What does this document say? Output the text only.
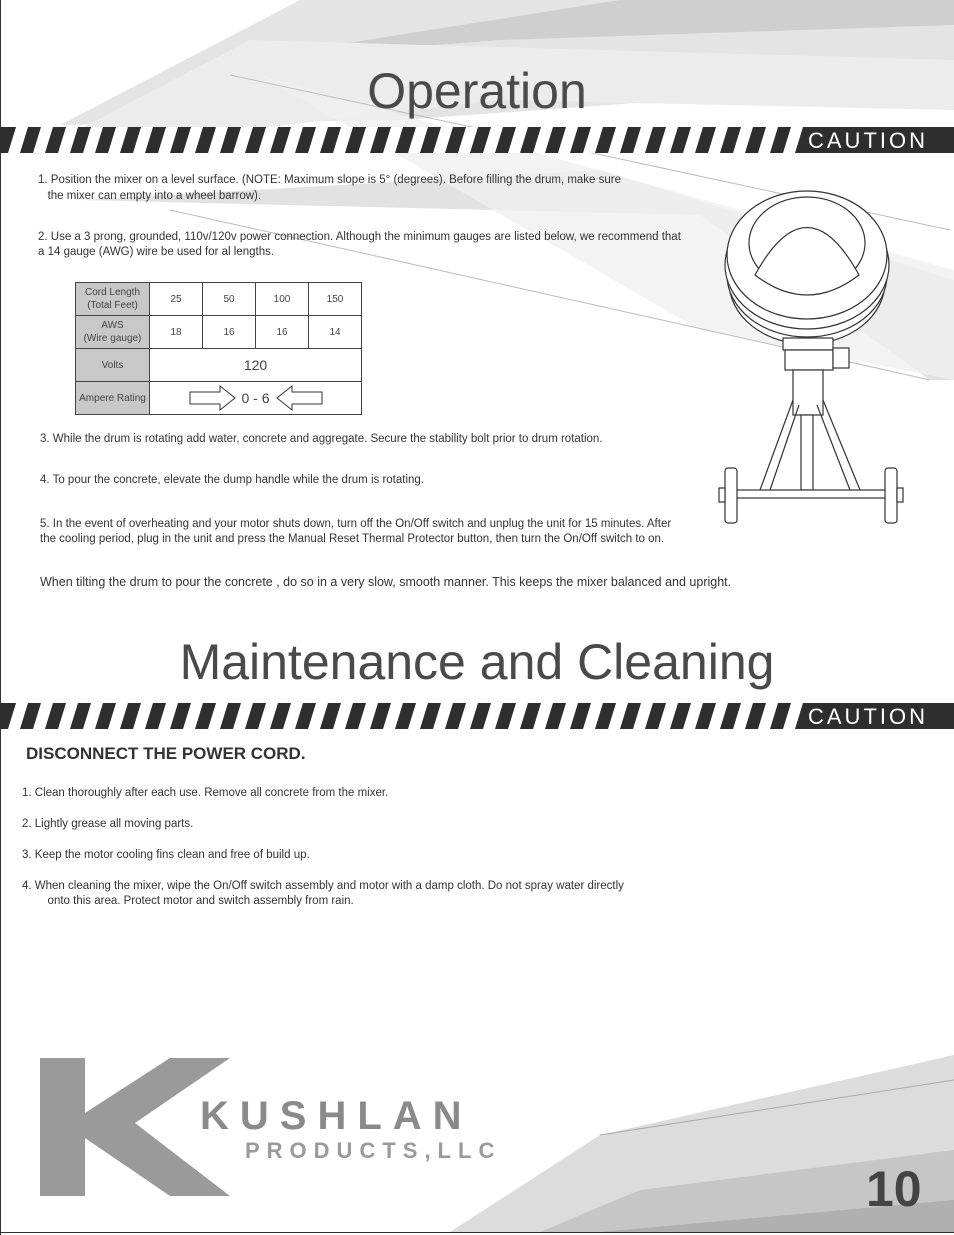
Operation
CAUTION
1. Position the mixer on a level surface. (NOTE: Maximum slope is 5° (degrees). Before filling the drum, make sure
the mixer can empty into a wheel barrow).
2. Use a 3 prong, grounded, 110v/120v power connection. Although the minimum gauges are listed below, we recommend that
a 14 gauge (AWG) wire be used for al lengths.
Cord Length
(Total Feet)	25	50	100	150
AWS
(Wire gauge)	18	16	16	14
Volts	120			
Ampere Rating	0 - 6			
3. While the drum is rotating add water, concrete and aggregate. Secure the stability bolt prior to drum rotation.
4. To pour the concrete, elevate the dump handle while the drum is rotating.
5. In the event of overheating and your motor shuts down, turn off the On/Off switch and unplug the unit for 15 minutes. After
the cooling period, plug in the unit and press the Manual Reset Thermal Protector button, then turn the On/Off switch to on.
When tilting the drum to pour the concrete , do so in a very slow, smooth manner. This keeps the mixer balanced and upright.
Maintenance and Cleaning
CAUTION
DISCONNECT THE POWER CORD.
1. Clean thoroughly after each use. Remove all concrete from the mixer.
2. Lightly grease all moving parts.
3. Keep the motor cooling fins clean and free of build up.
4. When cleaning the mixer, wipe the On/Off switch assembly and motor with a damp cloth. Do not spray water directly
onto this area. Protect motor and switch assembly from rain.
KUSHLAN
PRODUCTS,LLC
10
